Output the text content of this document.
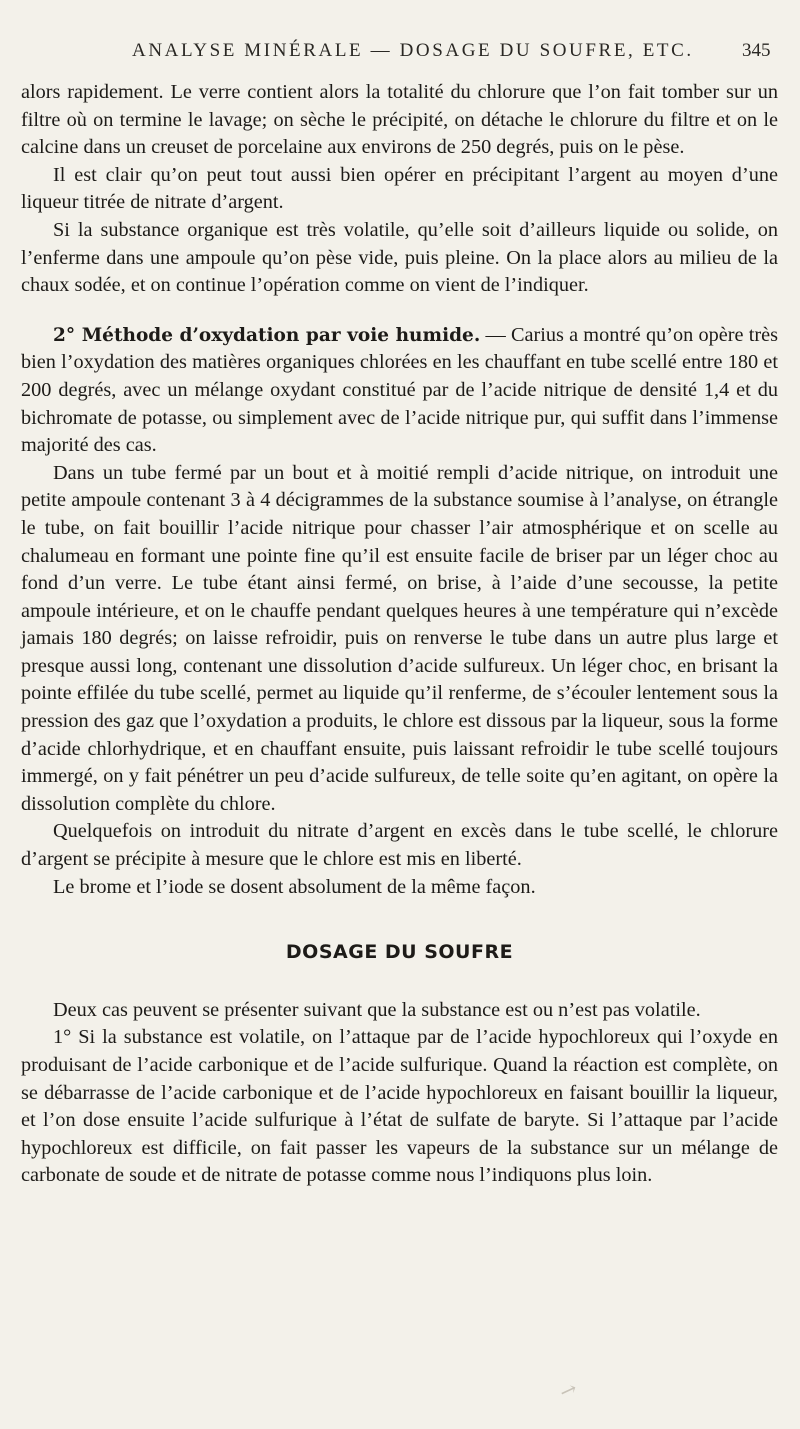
ANALYSE MINÉRALE — DOSAGE DU SOUFRE, ETC.	345

alors rapidement. Le verre contient alors la totalité du chlorure que l’on fait tomber sur un filtre où on termine le lavage; on sèche le précipité, on détache le chlorure du filtre et on le calcine dans un creuset de porcelaine aux environs de 250 degrés, puis on le pèse.

Il est clair qu’on peut tout aussi bien opérer en précipitant l’argent au moyen d’une liqueur titrée de nitrate d’argent.

Si la substance organique est très volatile, qu’elle soit d’ailleurs liquide ou solide, on l’enferme dans une ampoule qu’on pèse vide, puis pleine. On la place alors au milieu de la chaux sodée, et on continue l’opération comme on vient de l’indiquer.

2° Méthode d’oxydation par voie humide. — Carius a montré qu’on opère très bien l’oxydation des matières organiques chlorées en les chauffant en tube scellé entre 180 et 200 degrés, avec un mélange oxydant constitué par de l’acide nitrique de densité 1,4 et du bichromate de potasse, ou simplement avec de l’acide nitrique pur, qui suffit dans l’immense majorité des cas.

Dans un tube fermé par un bout et à moitié rempli d’acide nitrique, on introduit une petite ampoule contenant 3 à 4 décigrammes de la substance soumise à l’analyse, on étrangle le tube, on fait bouillir l’acide nitrique pour chasser l’air atmosphérique et on scelle au chalumeau en formant une pointe fine qu’il est ensuite facile de briser par un léger choc au fond d’un verre. Le tube étant ainsi fermé, on brise, à l’aide d’une secousse, la petite ampoule intérieure, et on le chauffe pendant quelques heures à une température qui n’excède jamais 180 degrés; on laisse refroidir, puis on renverse le tube dans un autre plus large et presque aussi long, contenant une dissolution d’acide sulfureux. Un léger choc, en brisant la pointe effilée du tube scellé, permet au liquide qu’il renferme, de s’écouler lentement sous la pression des gaz que l’oxydation a produits, le chlore est dissous par la liqueur, sous la forme d’acide chlorhydrique, et en chauffant ensuite, puis laissant refroidir le tube scellé toujours immergé, on y fait pénétrer un peu d’acide sulfureux, de telle soite qu’en agitant, on opère la dissolution complète du chlore.

Quelquefois on introduit du nitrate d’argent en excès dans le tube scellé, le chlorure d’argent se précipite à mesure que le chlore est mis en liberté.

Le brome et l’iode se dosent absolument de la même façon.

DOSAGE DU SOUFRE

Deux cas peuvent se présenter suivant que la substance est ou n’est pas volatile.

1° Si la substance est volatile, on l’attaque par de l’acide hypochloreux qui l’oxyde en produisant de l’acide carbonique et de l’acide sulfurique. Quand la réaction est complète, on se débarrasse de l’acide carbonique et de l’acide hypochloreux en faisant bouillir la liqueur, et l’on dose ensuite l’acide sulfurique à l’état de sulfate de baryte. Si l’attaque par l’acide hypochloreux est difficile, on fait passer les vapeurs de la substance sur un mélange de carbonate de soude et de nitrate de potasse comme nous l’indiquons plus loin.

↗
